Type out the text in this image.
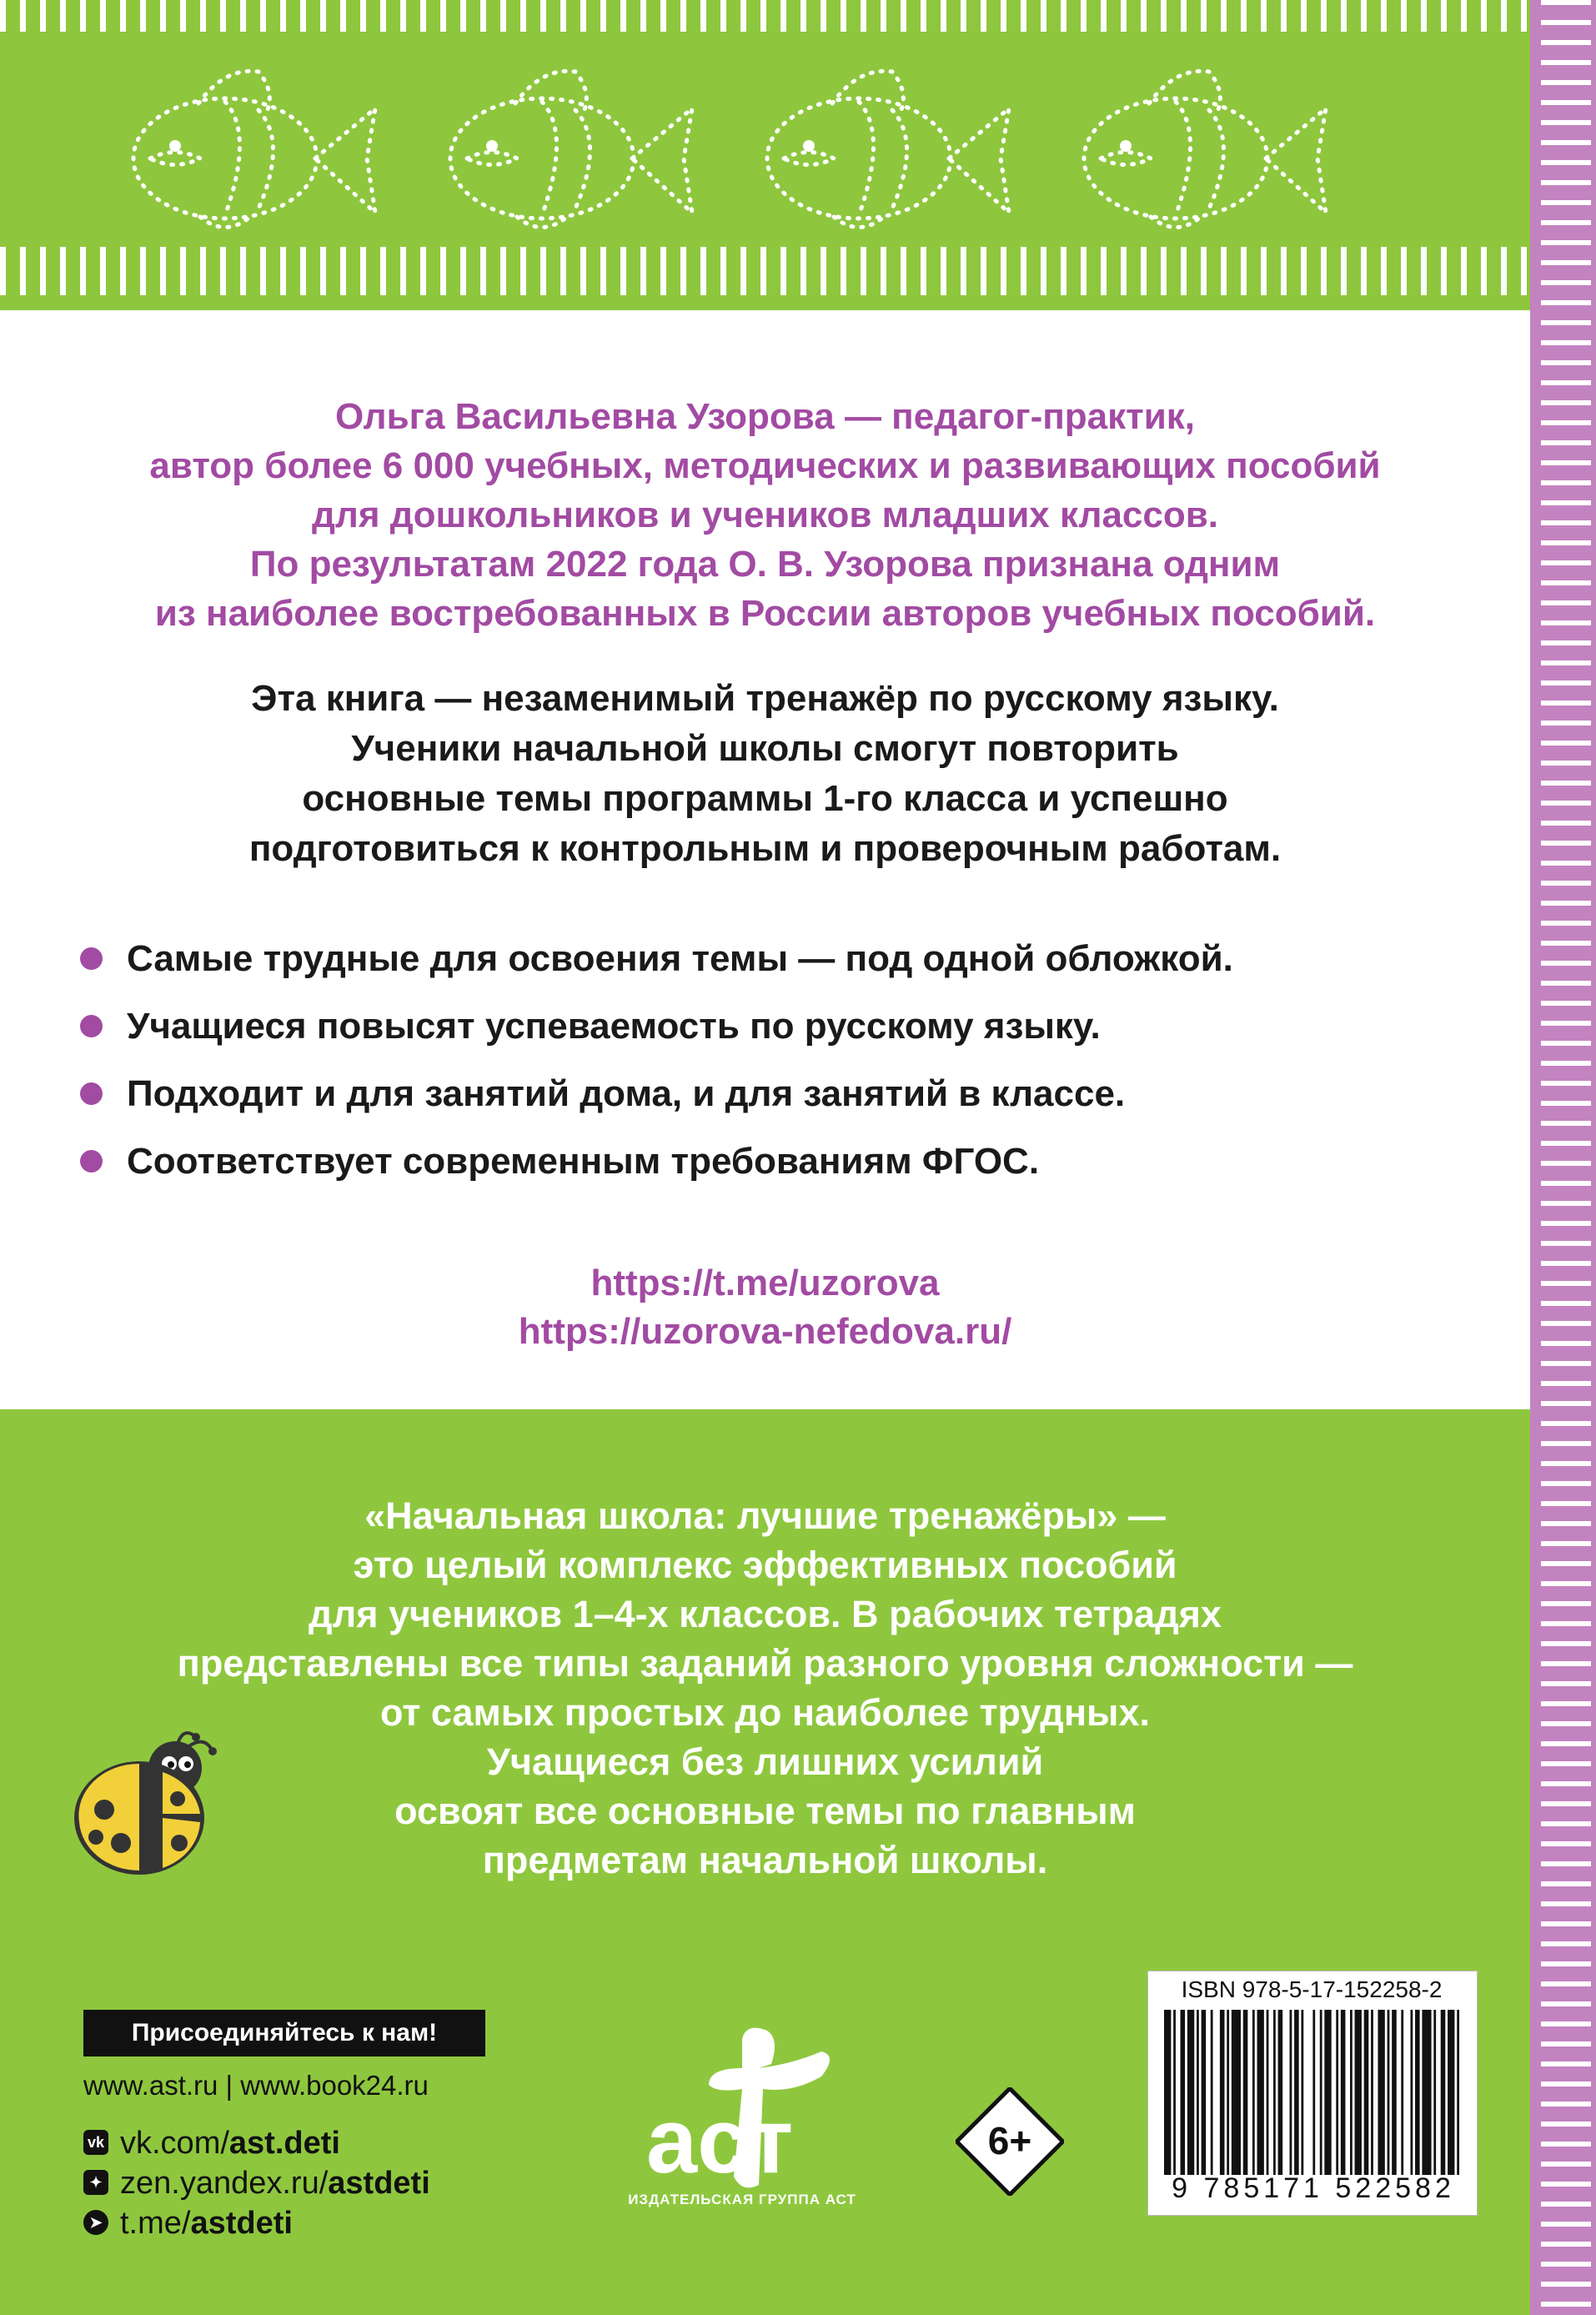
Ольга Васильевна Узорова — педагог-практик,
автор более 6 000 учебных, методических и развивающих пособий
для дошкольников и учеников младших классов.
По результатам 2022 года О. В. Узорова признана одним
из наиболее востребованных в России авторов учебных пособий.
Эта книга — незаменимый тренажёр по русскому языку.
Ученики начальной школы смогут повторить
основные темы программы 1-го класса и успешно
подготовиться к контрольным и проверочным работам.
Самые трудные для освоения темы — под одной обложкой.
Учащиеся повысят успеваемость по русскому языку.
Подходит и для занятий дома, и для занятий в классе.
Соответствует современным требованиям ФГОС.
https://t.me/uzorova
https://uzorova-nefedova.ru/
«Начальная школа: лучшие тренажёры» —
это целый комплекс эффективных пособий
для учеников 1–4-х классов. В рабочих тетрадях
представлены все типы заданий разного уровня сложности —
от самых простых до наиболее трудных.
Учащиеся без лишних усилий
освоят все основные темы по главным
предметам начальной школы.
Присоединяйтесь к нам!
www.ast.ru | www.book24.ru
vk vk.com/ast.deti
✦ zen.yandex.ru/astdeti
➤ t.me/astdeti
аст
ИЗДАТЕЛЬСКАЯ ГРУППА АСТ
6+
ISBN 978-5-17-152258-2
9 785171 522582
